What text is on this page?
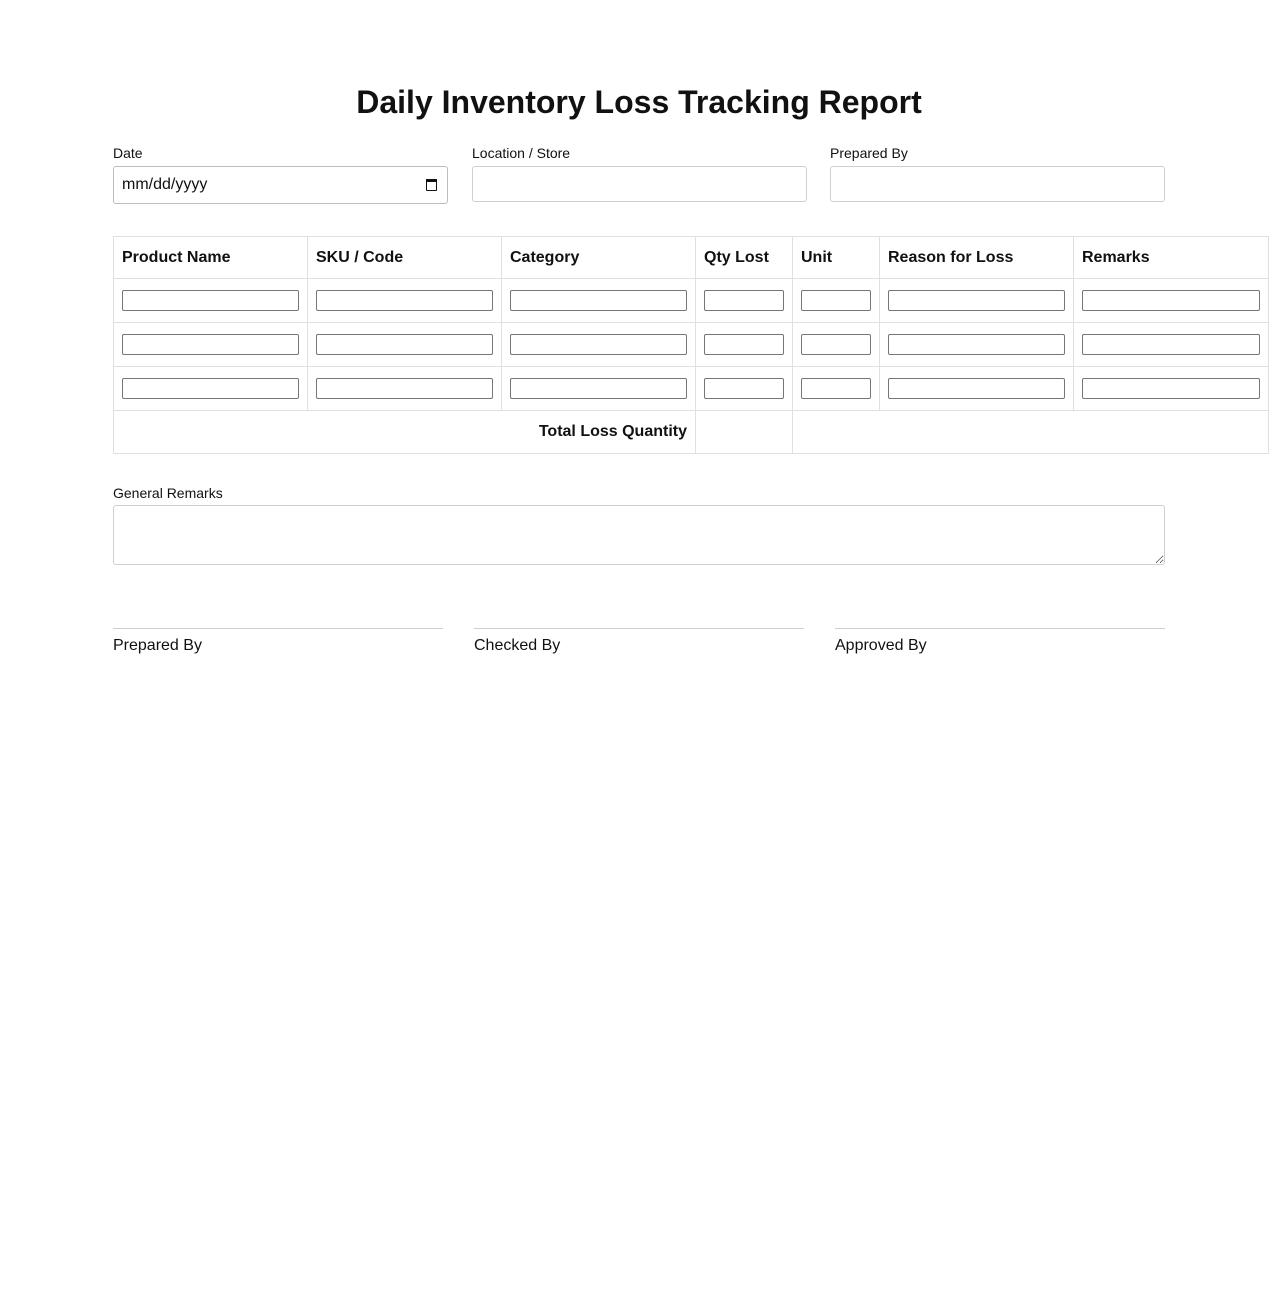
Daily Inventory Loss Tracking Report
Date
mm/dd/yyyy
Location / Store	Prepared By
Product Name	SKU / Code	Category	Qty Lost	Unit	Reason for Loss	Remarks

Total Loss Quantity						
General Remarks
Prepared By	Checked By	Approved By
